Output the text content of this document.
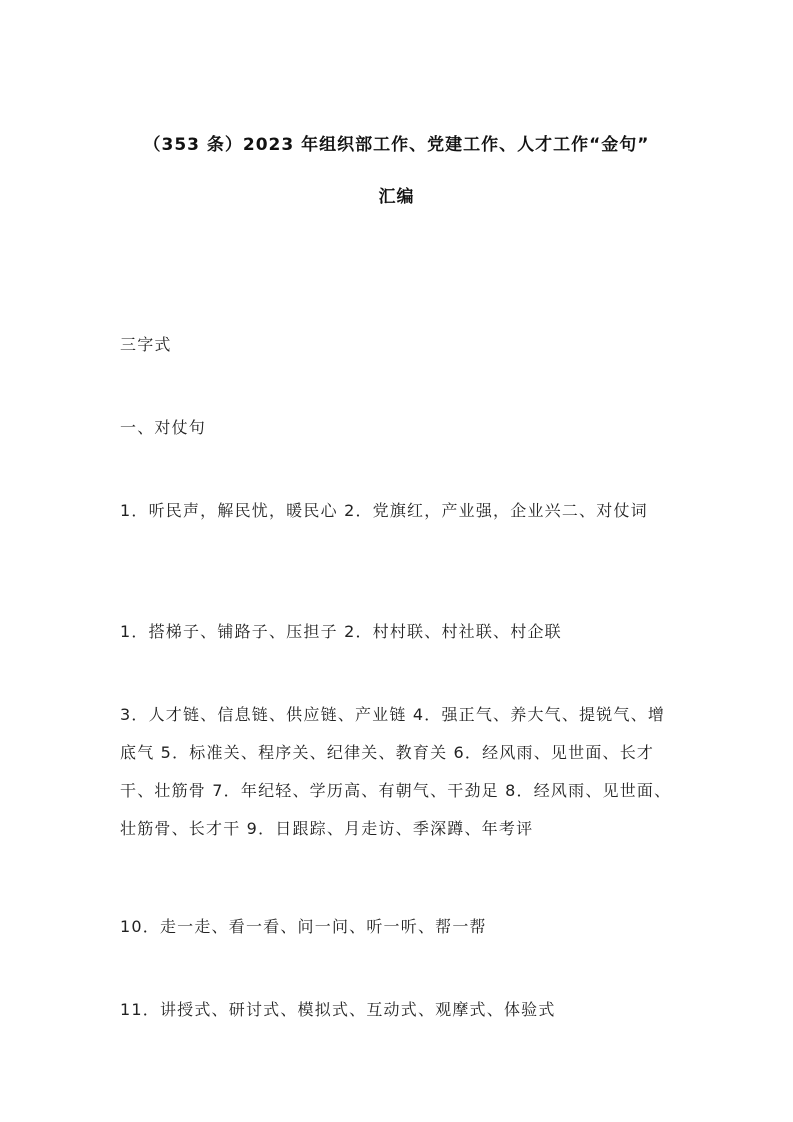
（353 条）2023 年组织部工作、党建工作、人才工作“金句”
汇编
三字式
一、对仗句
1．听民声，解民忧，暖民心 2．党旗红，产业强，企业兴二、对仗词
1．搭梯子、铺路子、压担子 2．村村联、村社联、村企联
3．人才链、信息链、供应链、产业链 4．强正气、养大气、提锐气、增底气 5．标准关、程序关、纪律关、教育关 6．经风雨、见世面、长才干、壮筋骨 7．年纪轻、学历高、有朝气、干劲足 8．经风雨、见世面、壮筋骨、长才干 9．日跟踪、月走访、季深蹲、年考评
10．走一走、看一看、问一问、听一听、帮一帮
11．讲授式、研讨式、模拟式、互动式、观摩式、体验式
